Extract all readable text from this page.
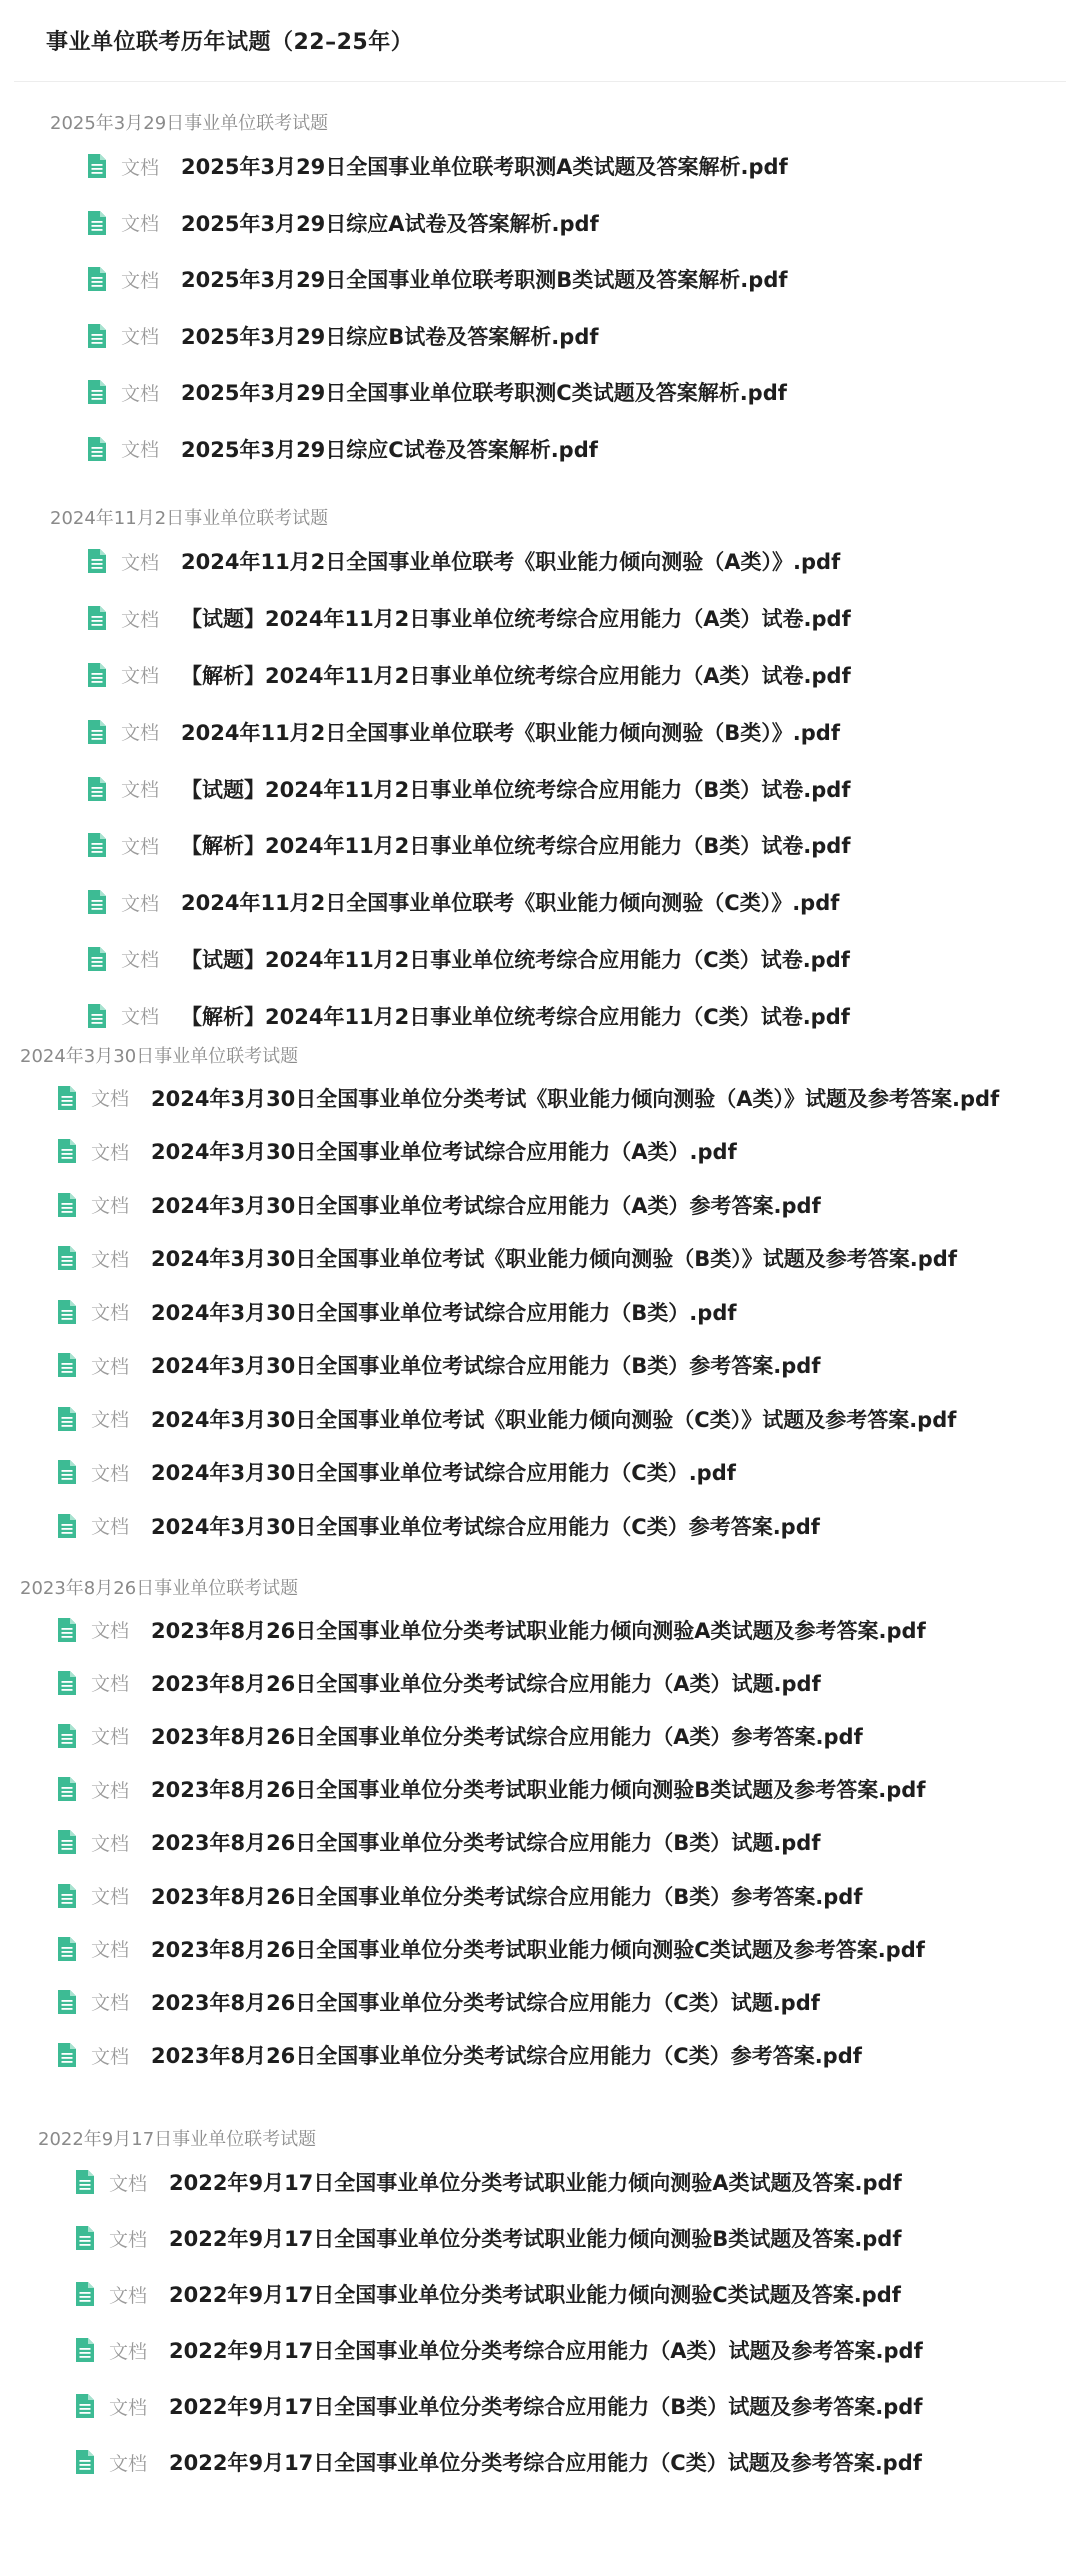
事业单位联考历年试题（22–25年）
2025年3月29日事业单位联考试题
文档 2025年3月29日全国事业单位联考职测A类试题及答案解析.pdf
文档 2025年3月29日综应A试卷及答案解析.pdf
文档 2025年3月29日全国事业单位联考职测B类试题及答案解析.pdf
文档 2025年3月29日综应B试卷及答案解析.pdf
文档 2025年3月29日全国事业单位联考职测C类试题及答案解析.pdf
文档 2025年3月29日综应C试卷及答案解析.pdf
2024年11月2日事业单位联考试题
文档 2024年11月2日全国事业单位联考《职业能力倾向测验（A类）》.pdf
文档 【试题】2024年11月2日事业单位统考综合应用能力（A类）试卷.pdf
文档 【解析】2024年11月2日事业单位统考综合应用能力（A类）试卷.pdf
文档 2024年11月2日全国事业单位联考《职业能力倾向测验（B类）》.pdf
文档 【试题】2024年11月2日事业单位统考综合应用能力（B类）试卷.pdf
文档 【解析】2024年11月2日事业单位统考综合应用能力（B类）试卷.pdf
文档 2024年11月2日全国事业单位联考《职业能力倾向测验（C类）》.pdf
文档 【试题】2024年11月2日事业单位统考综合应用能力（C类）试卷.pdf
文档 【解析】2024年11月2日事业单位统考综合应用能力（C类）试卷.pdf
2024年3月30日事业单位联考试题
文档 2024年3月30日全国事业单位分类考试《职业能力倾向测验（A类）》试题及参考答案.pdf
文档 2024年3月30日全国事业单位考试综合应用能力（A类）.pdf
文档 2024年3月30日全国事业单位考试综合应用能力（A类）参考答案.pdf
文档 2024年3月30日全国事业单位考试《职业能力倾向测验（B类）》试题及参考答案.pdf
文档 2024年3月30日全国事业单位考试综合应用能力（B类）.pdf
文档 2024年3月30日全国事业单位考试综合应用能力（B类）参考答案.pdf
文档 2024年3月30日全国事业单位考试《职业能力倾向测验（C类）》试题及参考答案.pdf
文档 2024年3月30日全国事业单位考试综合应用能力（C类）.pdf
文档 2024年3月30日全国事业单位考试综合应用能力（C类）参考答案.pdf
2023年8月26日事业单位联考试题
文档 2023年8月26日全国事业单位分类考试职业能力倾向测验A类试题及参考答案.pdf
文档 2023年8月26日全国事业单位分类考试综合应用能力（A类）试题.pdf
文档 2023年8月26日全国事业单位分类考试综合应用能力（A类）参考答案.pdf
文档 2023年8月26日全国事业单位分类考试职业能力倾向测验B类试题及参考答案.pdf
文档 2023年8月26日全国事业单位分类考试综合应用能力（B类）试题.pdf
文档 2023年8月26日全国事业单位分类考试综合应用能力（B类）参考答案.pdf
文档 2023年8月26日全国事业单位分类考试职业能力倾向测验C类试题及参考答案.pdf
文档 2023年8月26日全国事业单位分类考试综合应用能力（C类）试题.pdf
文档 2023年8月26日全国事业单位分类考试综合应用能力（C类）参考答案.pdf
2022年9月17日事业单位联考试题
文档 2022年9月17日全国事业单位分类考试职业能力倾向测验A类试题及答案.pdf
文档 2022年9月17日全国事业单位分类考试职业能力倾向测验B类试题及答案.pdf
文档 2022年9月17日全国事业单位分类考试职业能力倾向测验C类试题及答案.pdf
文档 2022年9月17日全国事业单位分类考综合应用能力（A类）试题及参考答案.pdf
文档 2022年9月17日全国事业单位分类考综合应用能力（B类）试题及参考答案.pdf
文档 2022年9月17日全国事业单位分类考综合应用能力（C类）试题及参考答案.pdf
